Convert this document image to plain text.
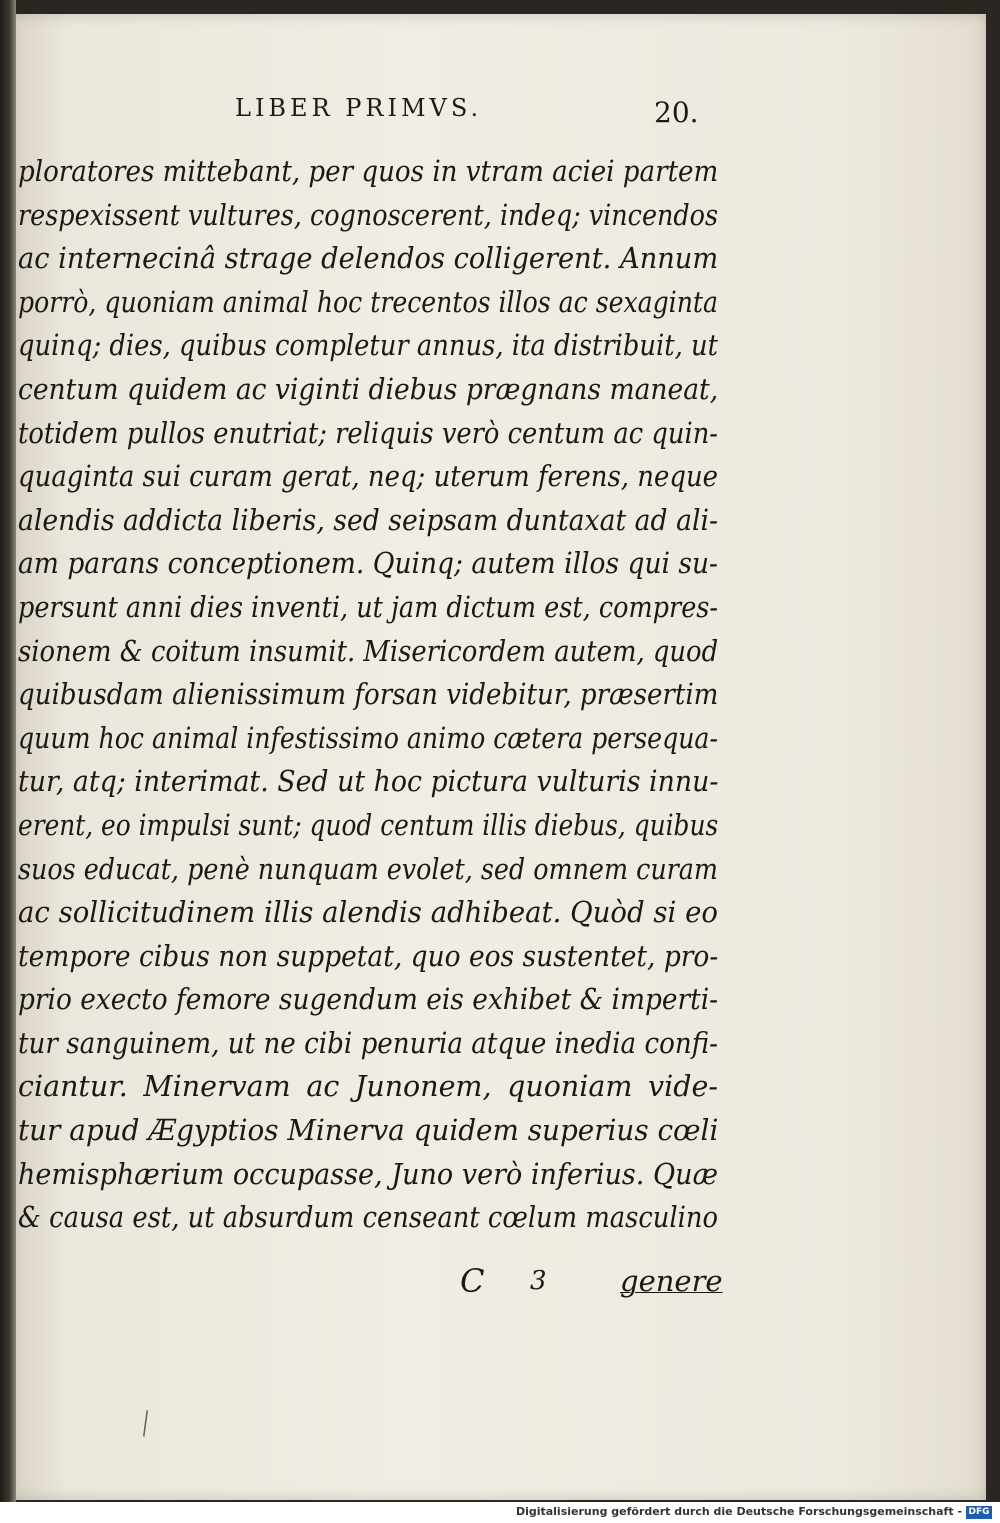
LIBER PRIMVS.	20.
ploratores mittebant, per quos in vtram aciei partem
respexissent vultures, cognoscerent, indeq; vincendos
ac internecinâ strage delendos colligerent. Annum
porrò, quoniam animal hoc trecentos illos ac sexaginta
quinq; dies, quibus completur annus, ita distribuit, ut
centum quidem ac viginti diebus prægnans maneat,
totidem pullos enutriat; reliquis verò centum ac quin-
quaginta sui curam gerat, neq; uterum ferens, neque
alendis addicta liberis, sed seipsam duntaxat ad ali-
am parans conceptionem. Quinq; autem illos qui su-
persunt anni dies inventi, ut jam dictum est, compres-
sionem & coitum insumit. Misericordem autem, quod
quibusdam alienissimum forsan videbitur, præsertim
quum hoc animal infestissimo animo cætera persequa-
tur, atq; interimat. Sed ut hoc pictura vulturis innu-
erent, eo impulsi sunt; quod centum illis diebus, quibus
suos educat, penè nunquam evolet, sed omnem curam
ac sollicitudinem illis alendis adhibeat. Quòd si eo
tempore cibus non suppetat, quo eos sustentet, pro-
prio execto femore sugendum eis exhibet & imperti-
tur sanguinem, ut ne cibi penuria atque inedia confi-
ciantur. Minervam ac Junonem, quoniam vide-
tur apud Ægyptios Minerva quidem superius cœli
hemisphærium occupasse, Juno verò inferius. Quæ
& causa est, ut absurdum censeant cœlum masculino
C 3	genere
╲
Digitalisierung gefördert durch die Deutsche Forschungsgemeinschaft - DFG
